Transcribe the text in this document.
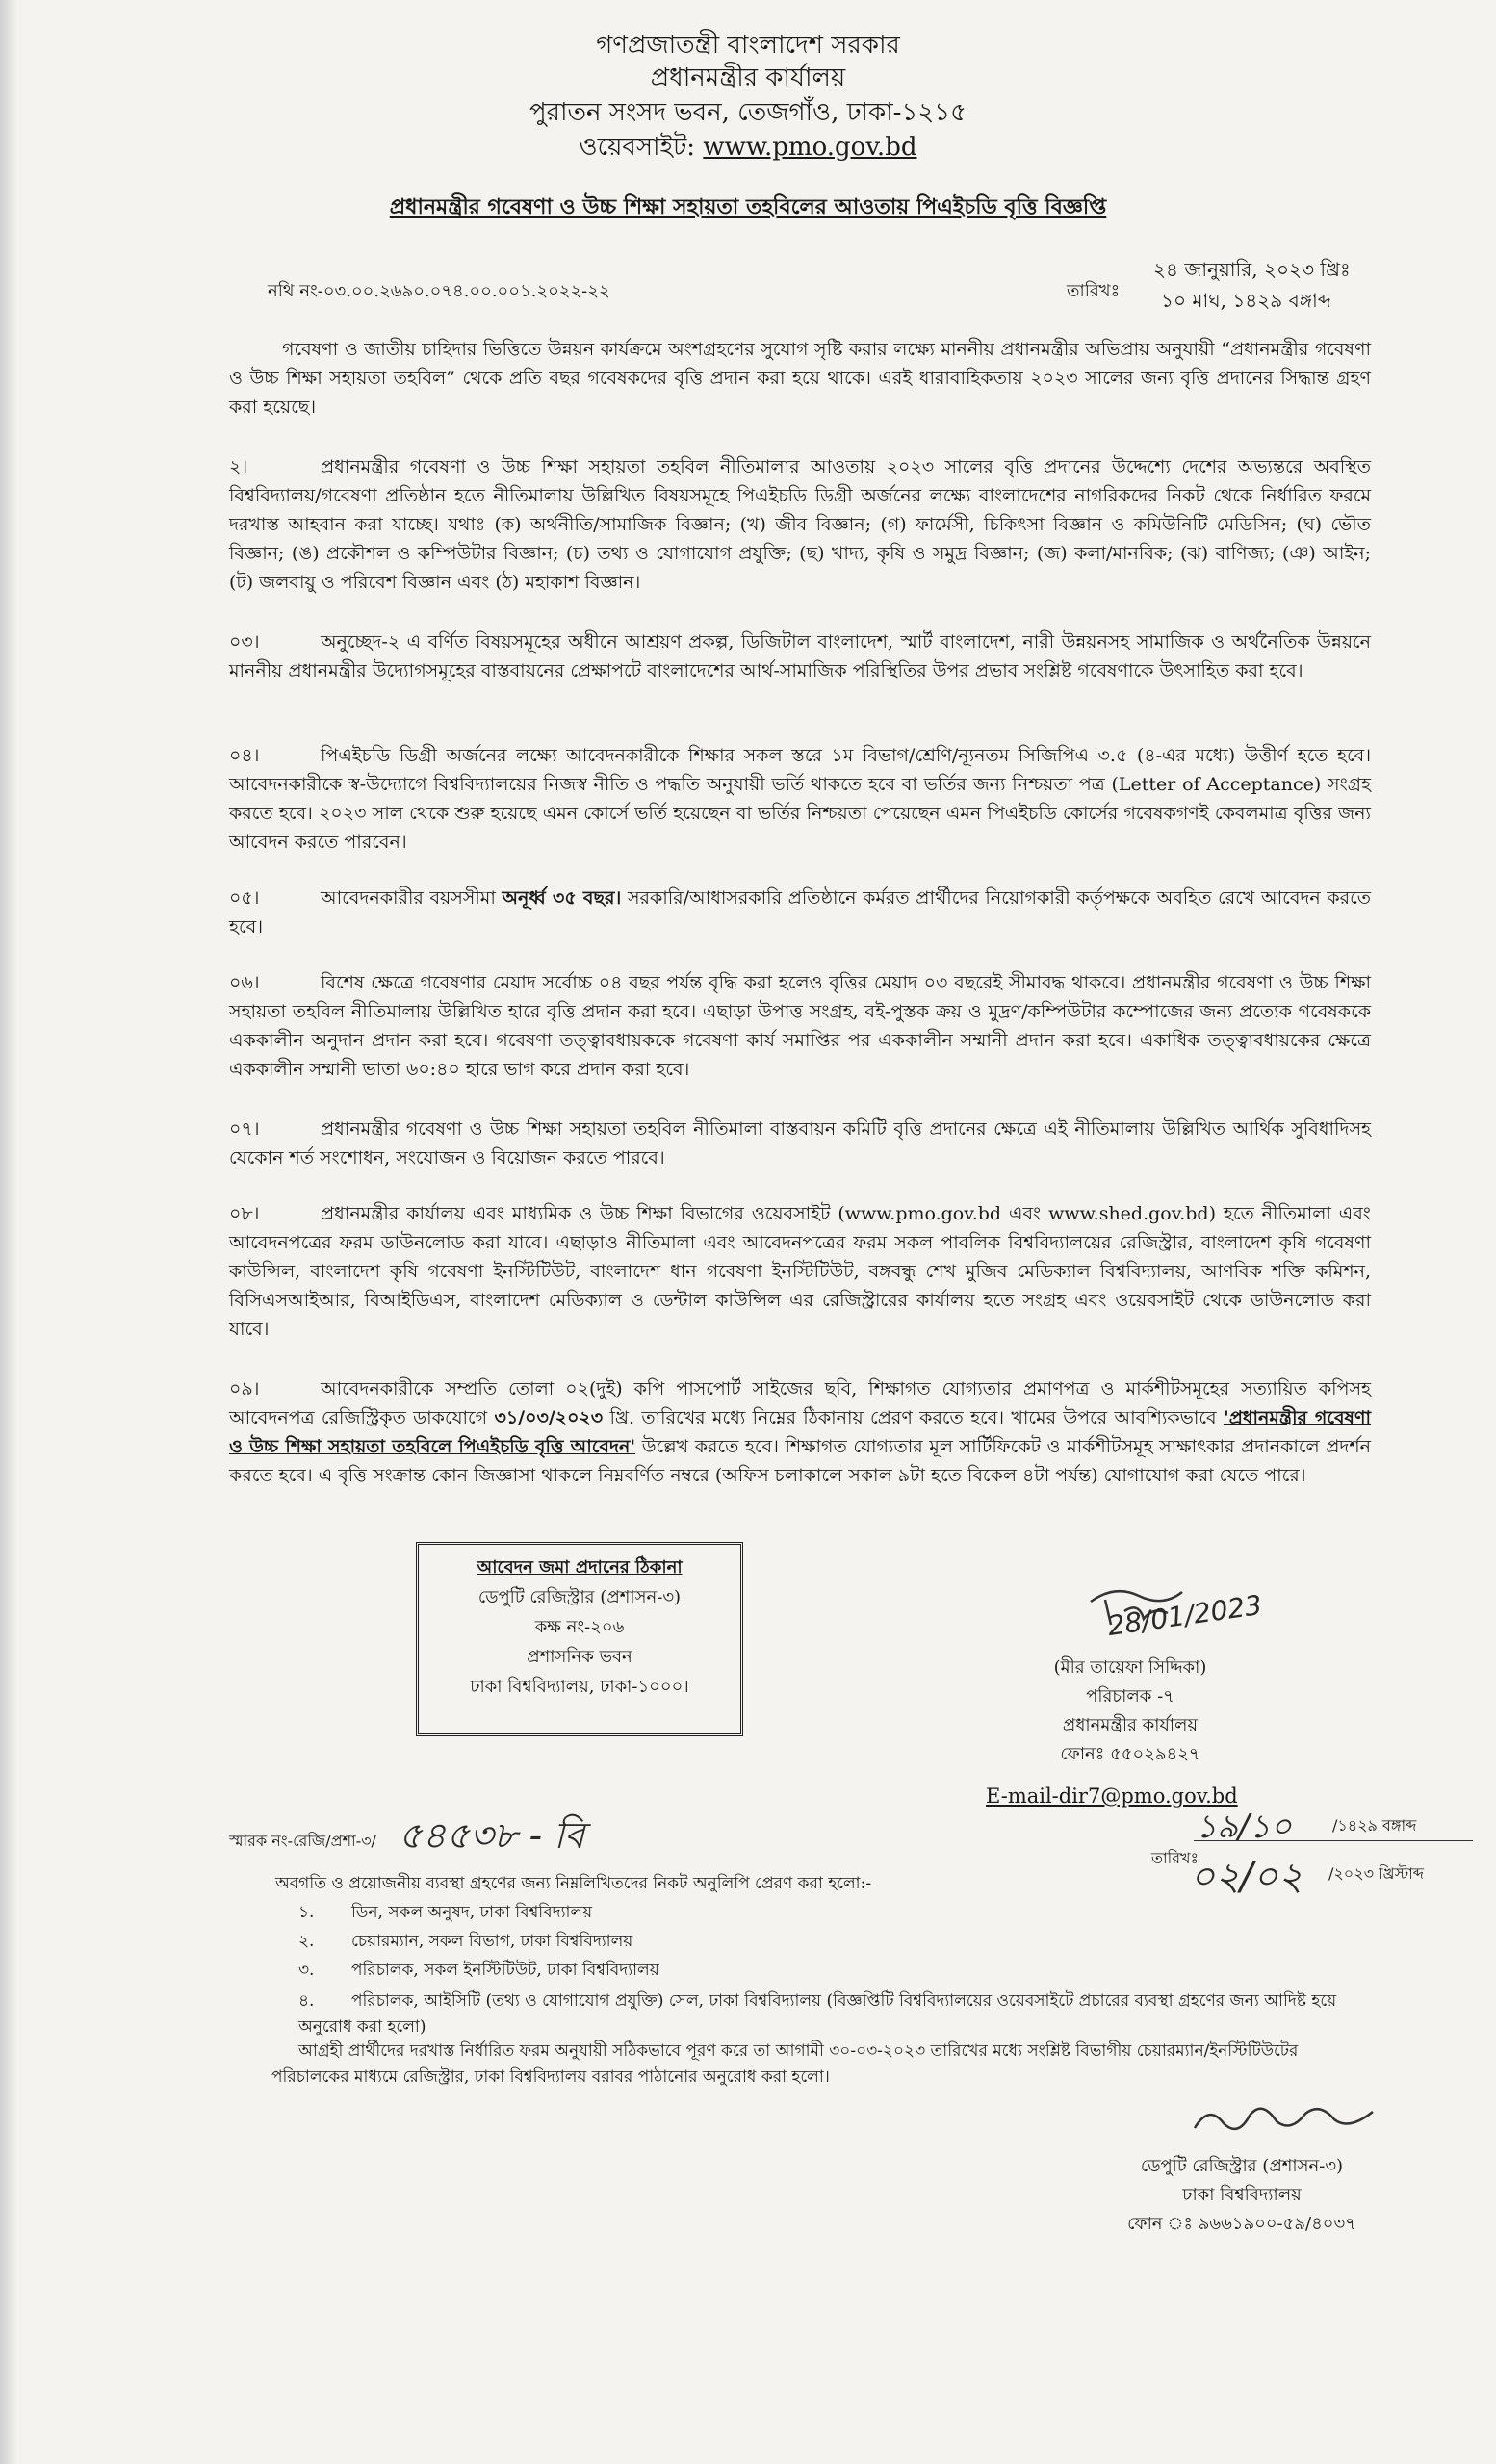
গণপ্রজাতন্ত্রী বাংলাদেশ সরকার
প্রধানমন্ত্রীর কার্যালয়
পুরাতন সংসদ ভবন, তেজগাঁও, ঢাকা-১২১৫
ওয়েবসাইট: www.pmo.gov.bd
প্রধানমন্ত্রীর গবেষণা ও উচ্চ শিক্ষা সহায়তা তহবিলের আওতায় পিএইচডি বৃত্তি বিজ্ঞপ্তি
নথি নং-০৩.০০.২৬৯০.০৭৪.০০.০০১.২০২২-২২	তারিখঃ
২৪ জানুয়ারি, ২০২৩ খ্রিঃ
১০ মাঘ, ১৪২৯ বঙ্গাব্দ

গবেষণা ও জাতীয় চাহিদার ভিত্তিতে উন্নয়ন কার্যক্রমে অংশগ্রহণের সুযোগ সৃষ্টি করার লক্ষ্যে মাননীয় প্রধানমন্ত্রীর অভিপ্রায় অনুযায়ী “প্রধানমন্ত্রীর গবেষণা ও উচ্চ শিক্ষা সহায়তা তহবিল” থেকে প্রতি বছর গবেষকদের বৃত্তি প্রদান করা হয়ে থাকে। এরই ধারাবাহিকতায় ২০২৩ সালের জন্য বৃত্তি প্রদানের সিদ্ধান্ত গ্রহণ করা হয়েছে।

২।	প্রধানমন্ত্রীর গবেষণা ও উচ্চ শিক্ষা সহায়তা তহবিল নীতিমালার আওতায় ২০২৩ সালের বৃত্তি প্রদানের উদ্দেশ্যে দেশের অভ্যন্তরে অবস্থিত বিশ্ববিদ্যালয়/গবেষণা প্রতিষ্ঠান হতে নীতিমালায় উল্লিখিত বিষয়সমূহে পিএইচডি ডিগ্রী অর্জনের লক্ষ্যে বাংলাদেশের নাগরিকদের নিকট থেকে নির্ধারিত ফরমে দরখাস্ত আহবান করা যাচ্ছে। যথাঃ (ক) অর্থনীতি/সামাজিক বিজ্ঞান; (খ) জীব বিজ্ঞান; (গ) ফার্মেসী, চিকিৎসা বিজ্ঞান ও কমিউনিটি মেডিসিন; (ঘ) ভৌত বিজ্ঞান; (ঙ) প্রকৌশল ও কম্পিউটার বিজ্ঞান; (চ) তথ্য ও যোগাযোগ প্রযুক্তি; (ছ) খাদ্য, কৃষি ও সমুদ্র বিজ্ঞান; (জ) কলা/মানবিক; (ঝ) বাণিজ্য; (ঞ) আইন; (ট) জলবায়ু ও পরিবেশ বিজ্ঞান এবং (ঠ) মহাকাশ বিজ্ঞান।

০৩।	অনুচ্ছেদ-২ এ বর্ণিত বিষয়সমূহের অধীনে আশ্রয়ণ প্রকল্প, ডিজিটাল বাংলাদেশ, স্মার্ট বাংলাদেশ, নারী উন্নয়নসহ সামাজিক ও অর্থনৈতিক উন্নয়নে মাননীয় প্রধানমন্ত্রীর উদ্যোগসমূহের বাস্তবায়নের প্রেক্ষাপটে বাংলাদেশের আর্থ-সামাজিক পরিস্থিতির উপর প্রভাব সংশ্লিষ্ট গবেষণাকে উৎসাহিত করা হবে।

০৪।	পিএইচডি ডিগ্রী অর্জনের লক্ষ্যে আবেদনকারীকে শিক্ষার সকল স্তরে ১ম বিভাগ/শ্রেণি/ন্যূনতম সিজিপিএ ৩.৫ (৪-এর মধ্যে) উত্তীর্ণ হতে হবে। আবেদনকারীকে স্ব-উদ্যোগে বিশ্ববিদ্যালয়ের নিজস্ব নীতি ও পদ্ধতি অনুযায়ী ভর্তি থাকতে হবে বা ভর্তির জন্য নিশ্চয়তা পত্র (Letter of Acceptance) সংগ্রহ করতে হবে। ২০২৩ সাল থেকে শুরু হয়েছে এমন কোর্সে ভর্তি হয়েছেন বা ভর্তির নিশ্চয়তা পেয়েছেন এমন পিএইচডি কোর্সের গবেষকগণই কেবলমাত্র বৃত্তির জন্য আবেদন করতে পারবেন।

০৫।	আবেদনকারীর বয়সসীমা অনূর্ধ্ব ৩৫ বছর। সরকারি/আধাসরকারি প্রতিষ্ঠানে কর্মরত প্রার্থীদের নিয়োগকারী কর্তৃপক্ষকে অবহিত রেখে আবেদন করতে হবে।

০৬।	বিশেষ ক্ষেত্রে গবেষণার মেয়াদ সর্বোচ্চ ০৪ বছর পর্যন্ত বৃদ্ধি করা হলেও বৃত্তির মেয়াদ ০৩ বছরেই সীমাবদ্ধ থাকবে। প্রধানমন্ত্রীর গবেষণা ও উচ্চ শিক্ষা সহায়তা তহবিল নীতিমালায় উল্লিখিত হারে বৃত্তি প্রদান করা হবে। এছাড়া উপাত্ত সংগ্রহ, বই-পুস্তক ক্রয় ও মুদ্রণ/কম্পিউটার কম্পোজের জন্য প্রত্যেক গবেষককে এককালীন অনুদান প্রদান করা হবে। গবেষণা তত্ত্বাবধায়ককে গবেষণা কার্য সমাপ্তির পর এককালীন সম্মানী প্রদান করা হবে। একাধিক তত্ত্বাবধায়কের ক্ষেত্রে এককালীন সম্মানী ভাতা ৬০:৪০ হারে ভাগ করে প্রদান করা হবে।

০৭।	প্রধানমন্ত্রীর গবেষণা ও উচ্চ শিক্ষা সহায়তা তহবিল নীতিমালা বাস্তবায়ন কমিটি বৃত্তি প্রদানের ক্ষেত্রে এই নীতিমালায় উল্লিখিত আর্থিক সুবিধাদিসহ যেকোন শর্ত সংশোধন, সংযোজন ও বিয়োজন করতে পারবে।

০৮।	প্রধানমন্ত্রীর কার্যালয় এবং মাধ্যমিক ও উচ্চ শিক্ষা বিভাগের ওয়েবসাইট (www.pmo.gov.bd এবং www.shed.gov.bd) হতে নীতিমালা এবং আবেদনপত্রের ফরম ডাউনলোড করা যাবে। এছাড়াও নীতিমালা এবং আবেদনপত্রের ফরম সকল পাবলিক বিশ্ববিদ্যালয়ের রেজিস্ট্রার, বাংলাদেশ কৃষি গবেষণা কাউন্সিল, বাংলাদেশ কৃষি গবেষণা ইনস্টিটিউট, বাংলাদেশ ধান গবেষণা ইনস্টিটিউট, বঙ্গবন্ধু শেখ মুজিব মেডিক্যাল বিশ্ববিদ্যালয়, আণবিক শক্তি কমিশন, বিসিএসআইআর, বিআইডিএস, বাংলাদেশ মেডিক্যাল ও ডেন্টাল কাউন্সিল এর রেজিস্ট্রারের কার্যালয় হতে সংগ্রহ এবং ওয়েবসাইট থেকে ডাউনলোড করা যাবে।

০৯।	আবেদনকারীকে সম্প্রতি তোলা ০২(দুই) কপি পাসপোর্ট সাইজের ছবি, শিক্ষাগত যোগ্যতার প্রমাণপত্র ও মার্কশীটসমূহের সত্যায়িত কপিসহ আবেদনপত্র রেজিস্ট্রিকৃত ডাকযোগে ৩১/০৩/২০২৩ খ্রি. তারিখের মধ্যে নিম্নের ঠিকানায় প্রেরণ করতে হবে। খামের উপরে আবশ্যিকভাবে 'প্রধানমন্ত্রীর গবেষণা ও উচ্চ শিক্ষা সহায়তা তহবিলে পিএইচডি বৃত্তি আবেদন' উল্লেখ করতে হবে। শিক্ষাগত যোগ্যতার মূল সার্টিফিকেট ও মার্কশীটসমূহ সাক্ষাৎকার প্রদানকালে প্রদর্শন করতে হবে। এ বৃত্তি সংক্রান্ত কোন জিজ্ঞাসা থাকলে নিম্নবর্ণিত নম্বরে (অফিস চলাকালে সকাল ৯টা হতে বিকেল ৪টা পর্যন্ত) যোগাযোগ করা যেতে পারে।

আবেদন জমা প্রদানের ঠিকানা
ডেপুটি রেজিস্ট্রার (প্রশাসন-৩)
কক্ষ নং-২০৬
প্রশাসনিক ভবন
ঢাকা বিশ্ববিদ্যালয়, ঢাকা-১০০০।
28/01/2023
(মীর তায়েফা সিদ্দিকা)
পরিচালক -৭
প্রধানমন্ত্রীর কার্যালয়
ফোনঃ ৫৫০২৯৪২৭
E-mail-dir7@pmo.gov.bd
স্মারক নং-রেজি/প্রশা-৩/ ৫৪৫৩৮ - বি
তারিখঃ
১৯/১০	/১৪২৯ বঙ্গাব্দ
০২/০২ /২০২৩ খ্রিস্টাব্দ
অবগতি ও প্রয়োজনীয় ব্যবস্থা গ্রহণের জন্য নিম্নলিখিতদের নিকট অনুলিপি প্রেরণ করা হলো:-

১. ডিন, সকল অনুষদ, ঢাকা বিশ্ববিদ্যালয়

২. চেয়ারম্যান, সকল বিভাগ, ঢাকা বিশ্ববিদ্যালয়

৩. পরিচালক, সকল ইনস্টিটিউট, ঢাকা বিশ্ববিদ্যালয়

৪. পরিচালক, আইসিটি (তথ্য ও যোগাযোগ প্রযুক্তি) সেল, ঢাকা বিশ্ববিদ্যালয় (বিজ্ঞপ্তিটি বিশ্ববিদ্যালয়ের ওয়েবসাইটে প্রচারের ব্যবস্থা গ্রহণের জন্য আদিষ্ট হয়ে অনুরোধ করা হলো)

আগ্রহী প্রার্থীদের দরখাস্ত নির্ধারিত ফরম অনুযায়ী সঠিকভাবে পূরণ করে তা আগামী ৩০-০৩-২০২৩ তারিখের মধ্যে সংশ্লিষ্ট বিভাগীয় চেয়ারম্যান/ইনস্টিটিউটের পরিচালকের মাধ্যমে রেজিস্ট্রার, ঢাকা বিশ্ববিদ্যালয় বরাবর পাঠানোর অনুরোধ করা হলো।

ডেপুটি রেজিস্ট্রার (প্রশাসন-৩)
ঢাকা বিশ্ববিদ্যালয়
ফোন ঃ ৯৬৬১৯০০-৫৯/৪০৩৭
